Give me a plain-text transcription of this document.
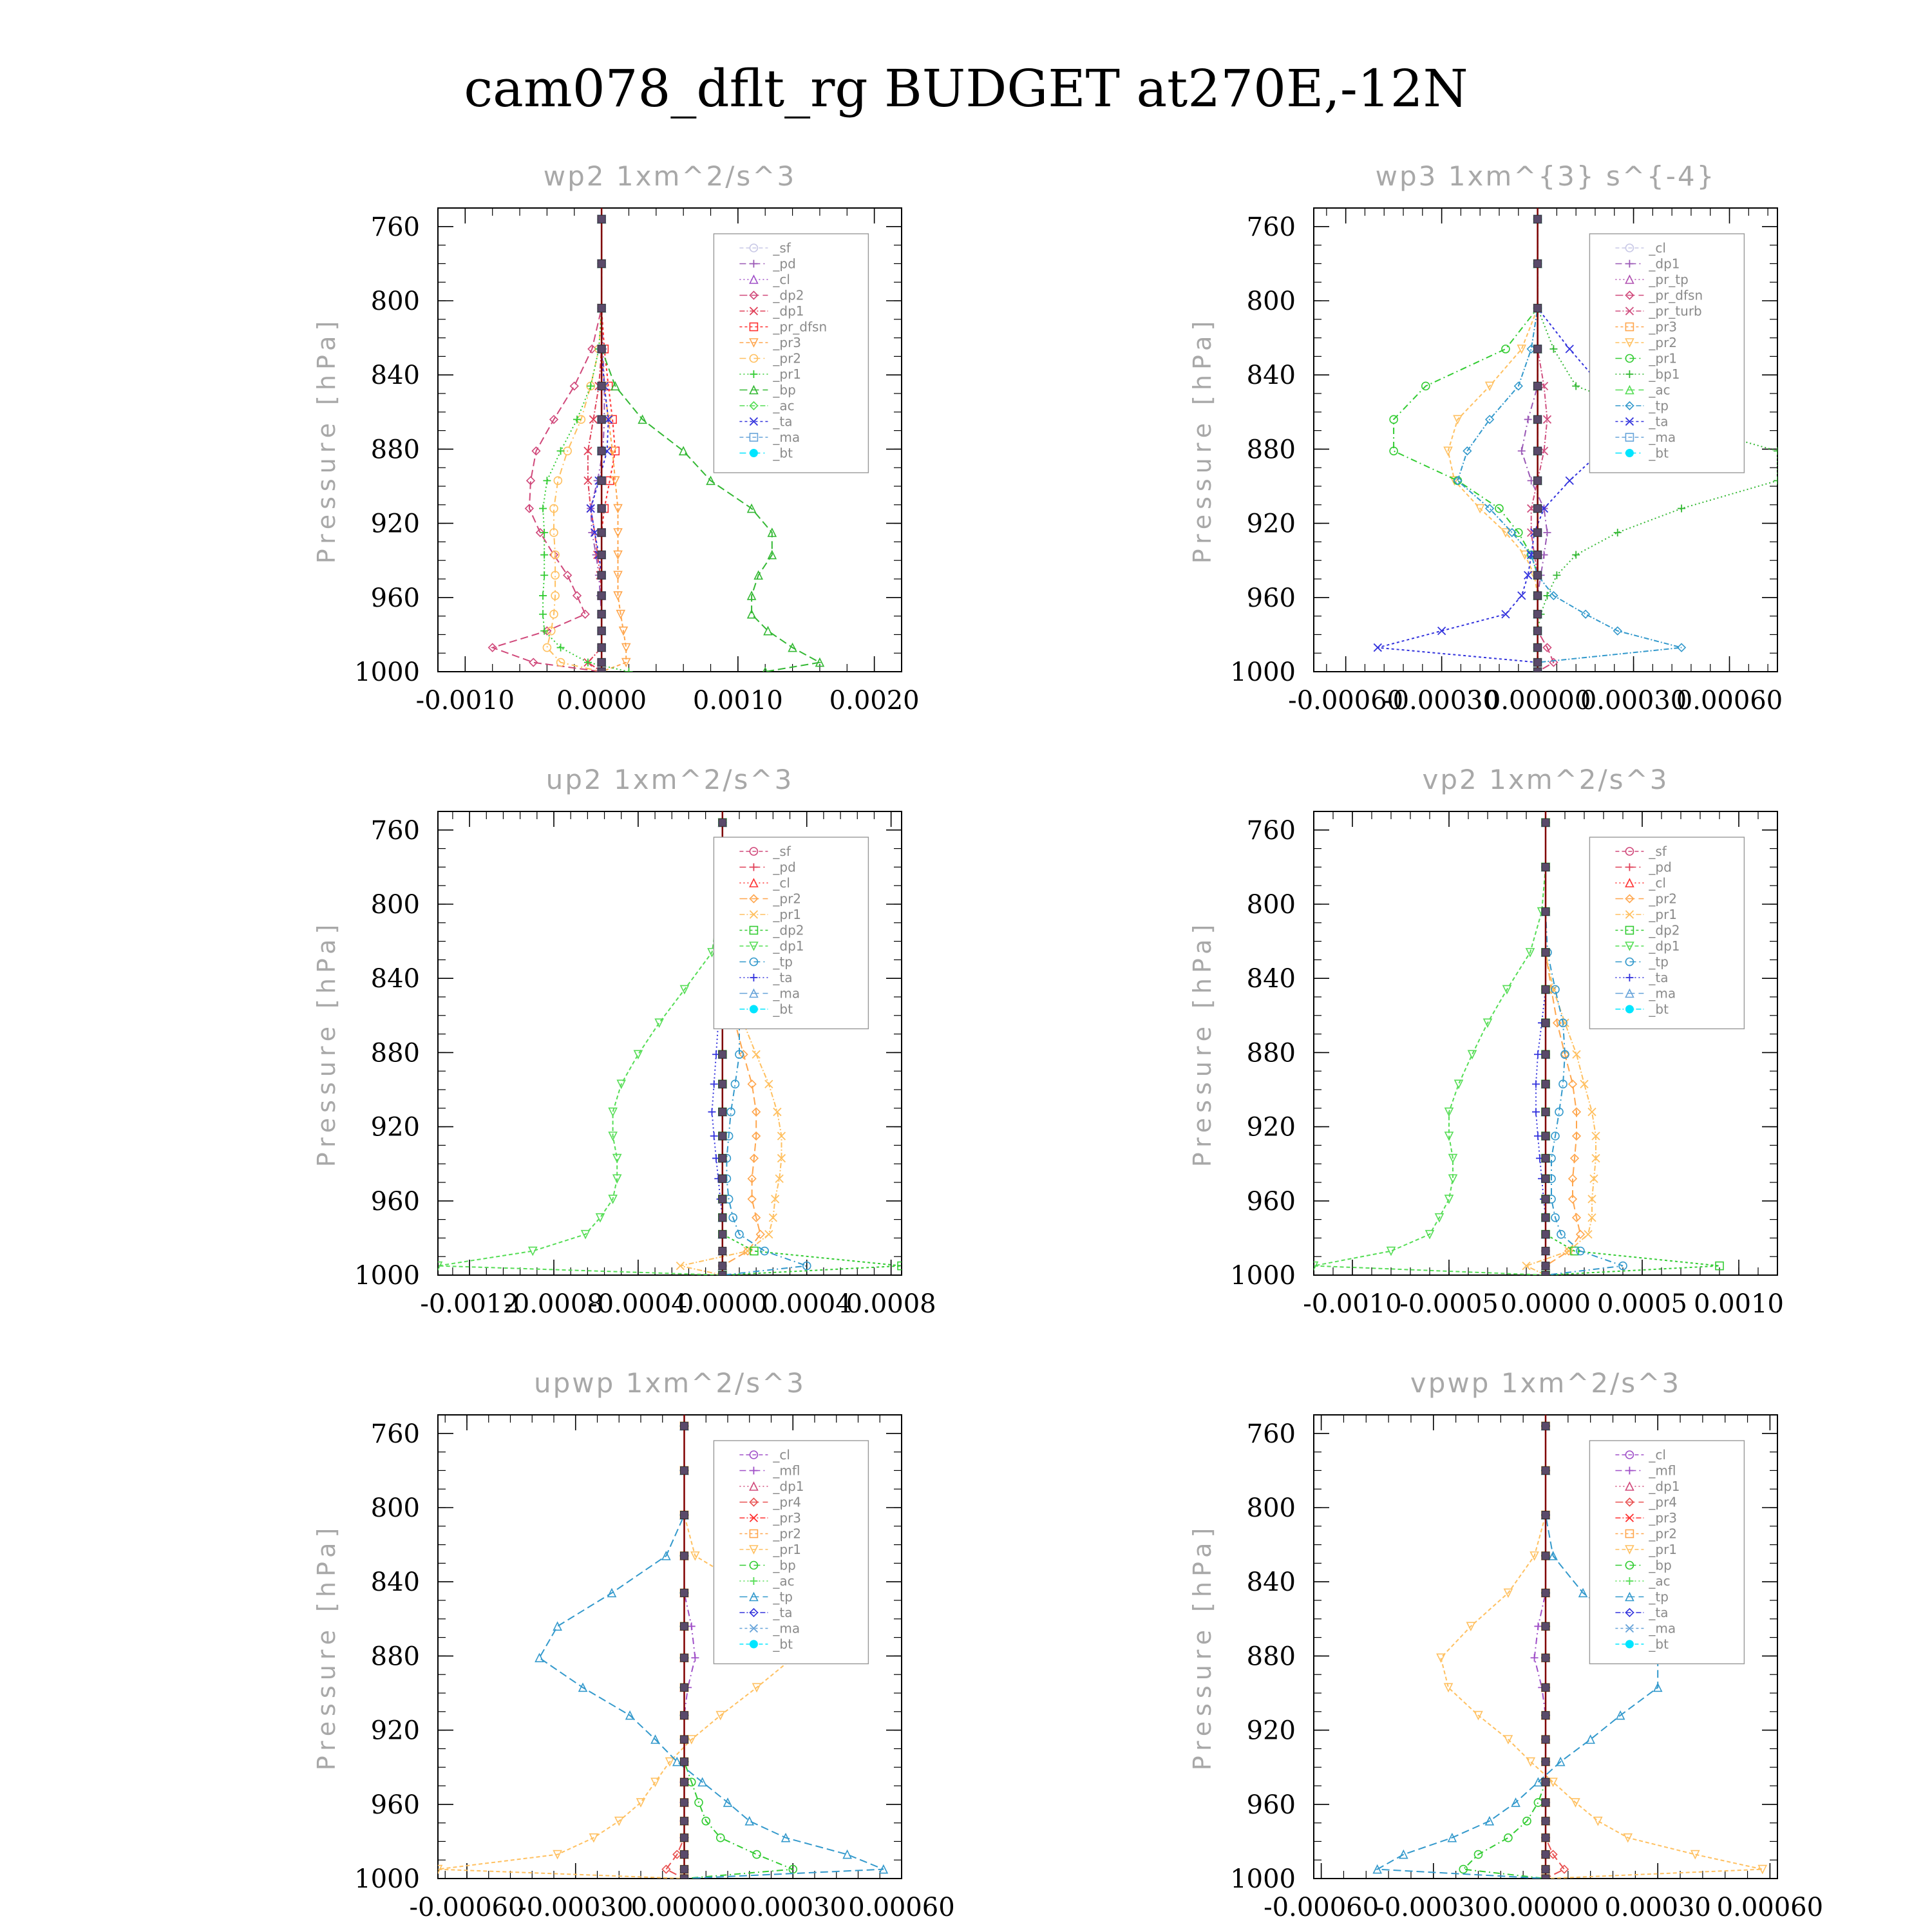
cam078_dflt_rg BUDGET at270E,-12N
wp2 1xm^2/s^3
Pressure [hPa]
760
800
840
880
920
960
1000
-0.0010 0.0000 0.0010 0.0020
_sf
_pd
_cl
_dp2
_dp1
_pr_dfsn
_pr3
_pr2
_pr1
_bp
_ac
_ta
_ma
_bt
wp3 1xm^{3} s^{-4}
Pressure [hPa]
760
800
840
880
920
960
1000
-0.00060
-0.00030
0.00000
0.00030
0.00060
_cl
_dp1
_pr_tp
_pr_dfsn
_pr_turb
_pr3
_pr2
_pr1
_bp1
_ac
_tp
_ta
_ma
_bt
up2 1xm^2/s^3
Pressure [hPa]
760
800
840
880
920
960
1000
-0.0012
-0.0008
-0.0004
0.0000
0.0004
0.0008
_sf
_pd
_cl
_pr2
_pr1
_dp2
_dp1
_tp
_ta
_ma
_bt
vp2 1xm^2/s^3
Pressure [hPa]
760
800
840
880
920
960
1000
-0.0010
-0.0005 0.0000 0.0005 0.0010
_sf
_pd
_cl
_pr2
_pr1
_dp2
_dp1
_tp
_ta
_ma
_bt
upwp 1xm^2/s^3
Pressure [hPa]
760
800
840
880
920
960
1000
-0.00060
-0.00030
0.00000 0.00030 0.00060
_cl
_mfl
_dp1
_pr4
_pr3
_pr2
_pr1
_bp
_ac
_tp
_ta
_ma
_bt
vpwp 1xm^2/s^3
Pressure [hPa]
760
800
840
880
920
960
1000
-0.00060
-0.00030 0.00000 0.00030 0.00060
_cl
_mfl
_dp1
_pr4
_pr3
_pr2
_pr1
_bp
_ac
_tp
_ta
_ma
_bt
